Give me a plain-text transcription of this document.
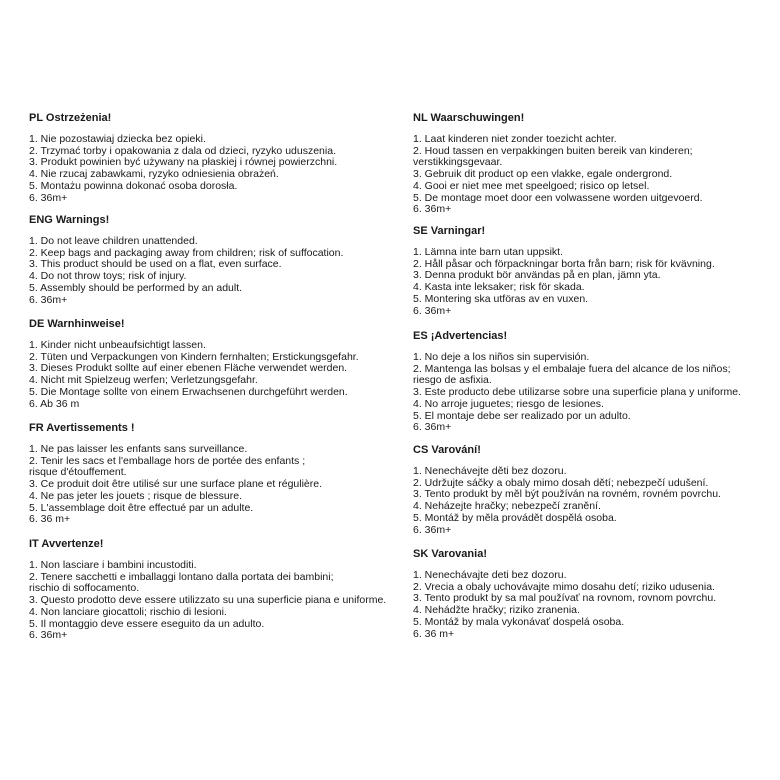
PL Ostrzeżenia!
1. Nie pozostawiaj dziecka bez opieki.
2. Trzymać torby i opakowania z dala od dzieci, ryzyko uduszenia.
3. Produkt powinien być używany na płaskiej i równej powierzchni.
4. Nie rzucaj zabawkami, ryzyko odniesienia obrażeń.
5. Montażu powinna dokonać osoba dorosła.
6. 36m+
ENG Warnings!
1. Do not leave children unattended.
2. Keep bags and packaging away from children; risk of suffocation.
3. This product should be used on a flat, even surface.
4. Do not throw toys; risk of injury.
5. Assembly should be performed by an adult.
6. 36m+
DE Warnhinweise!
1. Kinder nicht unbeaufsichtigt lassen.
2. Tüten und Verpackungen von Kindern fernhalten; Erstickungsgefahr.
3. Dieses Produkt sollte auf einer ebenen Fläche verwendet werden.
4. Nicht mit Spielzeug werfen; Verletzungsgefahr.
5. Die Montage sollte von einem Erwachsenen durchgeführt werden.
6. Ab 36 m
FR Avertissements !
1. Ne pas laisser les enfants sans surveillance.
2. Tenir les sacs et l'emballage hors de portée des enfants ;
risque d'étouffement.
3. Ce produit doit être utilisé sur une surface plane et régulière.
4. Ne pas jeter les jouets ; risque de blessure.
5. L'assemblage doit être effectué par un adulte.
6. 36 m+
IT Avvertenze!
1. Non lasciare i bambini incustoditi.
2. Tenere sacchetti e imballaggi lontano dalla portata dei bambini;
rischio di soffocamento.
3. Questo prodotto deve essere utilizzato su una superficie piana e uniforme.
4. Non lanciare giocattoli; rischio di lesioni.
5. Il montaggio deve essere eseguito da un adulto.
6. 36m+
NL Waarschuwingen!
1. Laat kinderen niet zonder toezicht achter.
2. Houd tassen en verpakkingen buiten bereik van kinderen;
verstikkingsgevaar.
3. Gebruik dit product op een vlakke, egale ondergrond.
4. Gooi er niet mee met speelgoed; risico op letsel.
5. De montage moet door een volwassene worden uitgevoerd.
6. 36m+
SE Varningar!
1. Lämna inte barn utan uppsikt.
2. Håll påsar och förpackningar borta från barn; risk för kvävning.
3. Denna produkt bör användas på en plan, jämn yta.
4. Kasta inte leksaker; risk för skada.
5. Montering ska utföras av en vuxen.
6. 36m+
ES ¡Advertencias!
1. No deje a los niños sin supervisión.
2. Mantenga las bolsas y el embalaje fuera del alcance de los niños;
riesgo de asfixia.
3. Este producto debe utilizarse sobre una superficie plana y uniforme.
4. No arroje juguetes; riesgo de lesiones.
5. El montaje debe ser realizado por un adulto.
6. 36m+
CS Varování!
1. Nenechávejte děti bez dozoru.
2. Udržujte sáčky a obaly mimo dosah dětí; nebezpečí udušení.
3. Tento produkt by měl být používán na rovném, rovném povrchu.
4. Neházejte hračky; nebezpečí zranění.
5. Montáž by měla provádět dospělá osoba.
6. 36m+
SK Varovania!
1. Nenechávajte deti bez dozoru.
2. Vrecia a obaly uchovávajte mimo dosahu detí; riziko udusenia.
3. Tento produkt by sa mal používať na rovnom, rovnom povrchu.
4. Nehádžte hračky; riziko zranenia.
5. Montáž by mala vykonávať dospelá osoba.
6. 36 m+
